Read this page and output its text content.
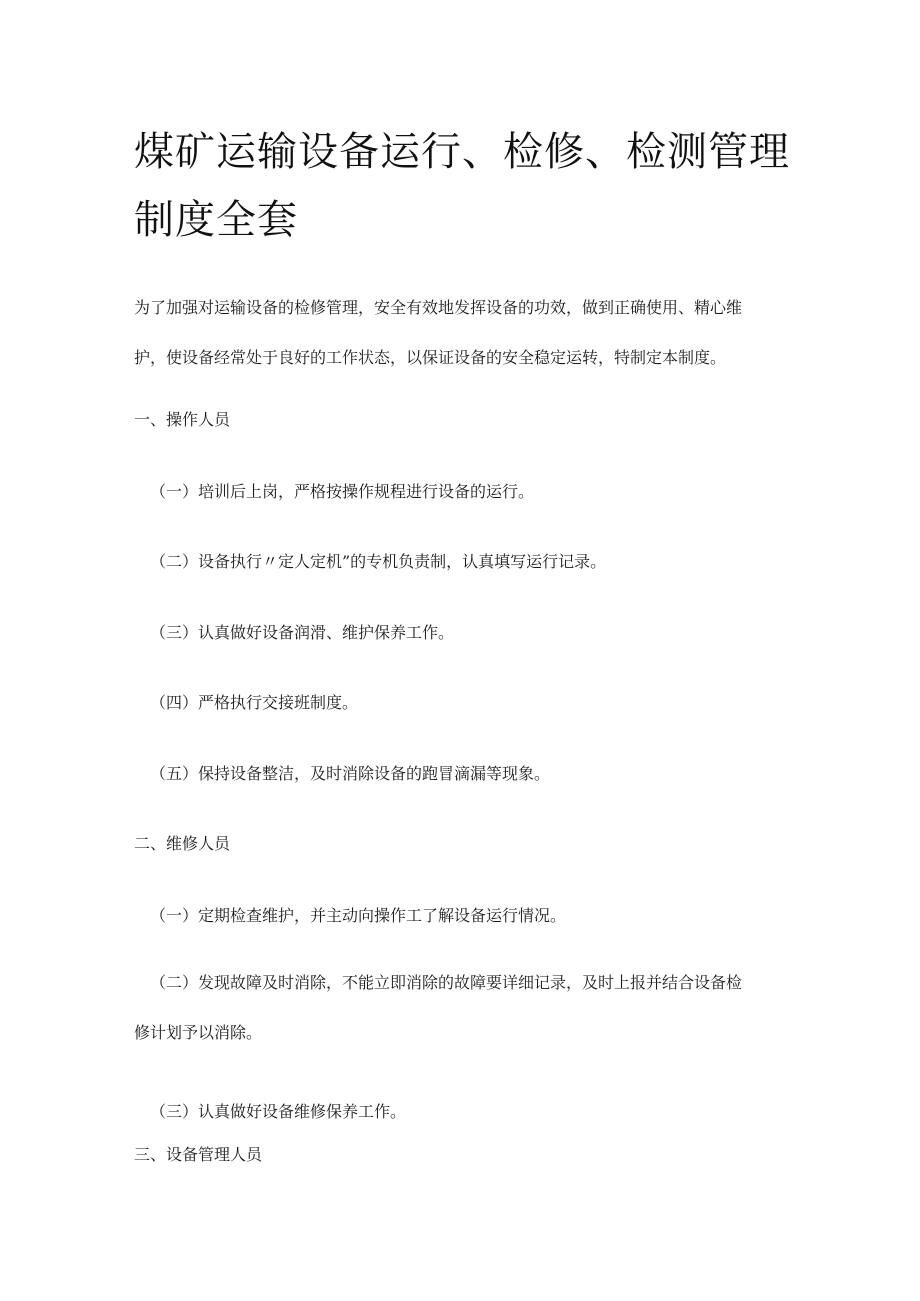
煤矿运输设备运行、检修、检测管理制度全套
为了加强对运输设备的检修管理，安全有效地发挥设备的功效，做到正确使用、精心维
护，使设备经常处于良好的工作状态，以保证设备的安全稳定运转，特制定本制度。

一、操作人员

（一）培训后上岗，严格按操作规程进行设备的运行。

（二）设备执行〃定人定机”的专机负责制，认真填写运行记录。

（三）认真做好设备润滑、维护保养工作。

（四）严格执行交接班制度。

（五）保持设备整洁，及时消除设备的跑冒滴漏等现象。

二、维修人员

（一）定期检查维护，并主动向操作工了解设备运行情况。

（二）发现故障及时消除，不能立即消除的故障要详细记录，及时上报并结合设备检
修计划予以消除。

（三）认真做好设备维修保养工作。

三、设备管理人员
